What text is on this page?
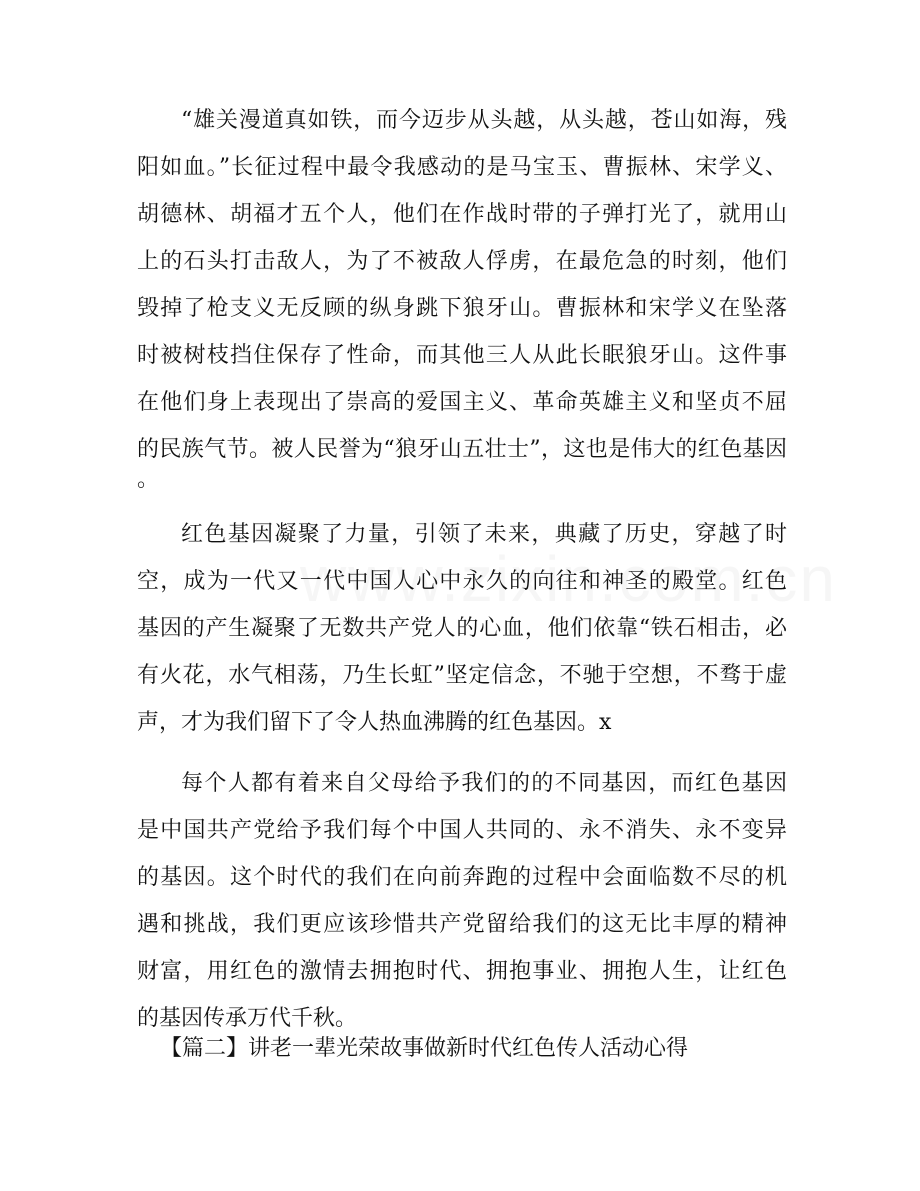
“雄关漫道真如铁，而今迈步从头越，从头越，苍山如海，残
阳如血。”长征过程中最令我感动的是马宝玉、曹振林、宋学义、
胡德林、胡福才五个人，他们在作战时带的子弹打光了，就用山
上的石头打击敌人，为了不被敌人俘虏，在最危急的时刻，他们
毁掉了枪支义无反顾的纵身跳下狼牙山。曹振林和宋学义在坠落
时被树枝挡住保存了性命，而其他三人从此长眠狼牙山。这件事
在他们身上表现出了崇高的爱国主义、革命英雄主义和坚贞不屈
的民族气节。被人民誉为“狼牙山五壮士”，这也是伟大的红色基因
。
红色基因凝聚了力量，引领了未来，典藏了历史，穿越了时
空，成为一代又一代中国人心中永久的向往和神圣的殿堂。红色
基因的产生凝聚了无数共产党人的心血，他们依靠“铁石相击，必
有火花，水气相荡，乃生长虹”坚定信念，不驰于空想，不骛于虚
声，才为我们留下了令人热血沸腾的红色基因。x
每个人都有着来自父母给予我们的的不同基因，而红色基因
是中国共产党给予我们每个中国人共同的、永不消失、永不变异
的基因。这个时代的我们在向前奔跑的过程中会面临数不尽的机
遇和挑战，我们更应该珍惜共产党留给我们的这无比丰厚的精神
财富，用红色的激情去拥抱时代、拥抱事业、拥抱人生，让红色
的基因传承万代千秋。
【篇二】讲老一辈光荣故事做新时代红色传人活动心得
